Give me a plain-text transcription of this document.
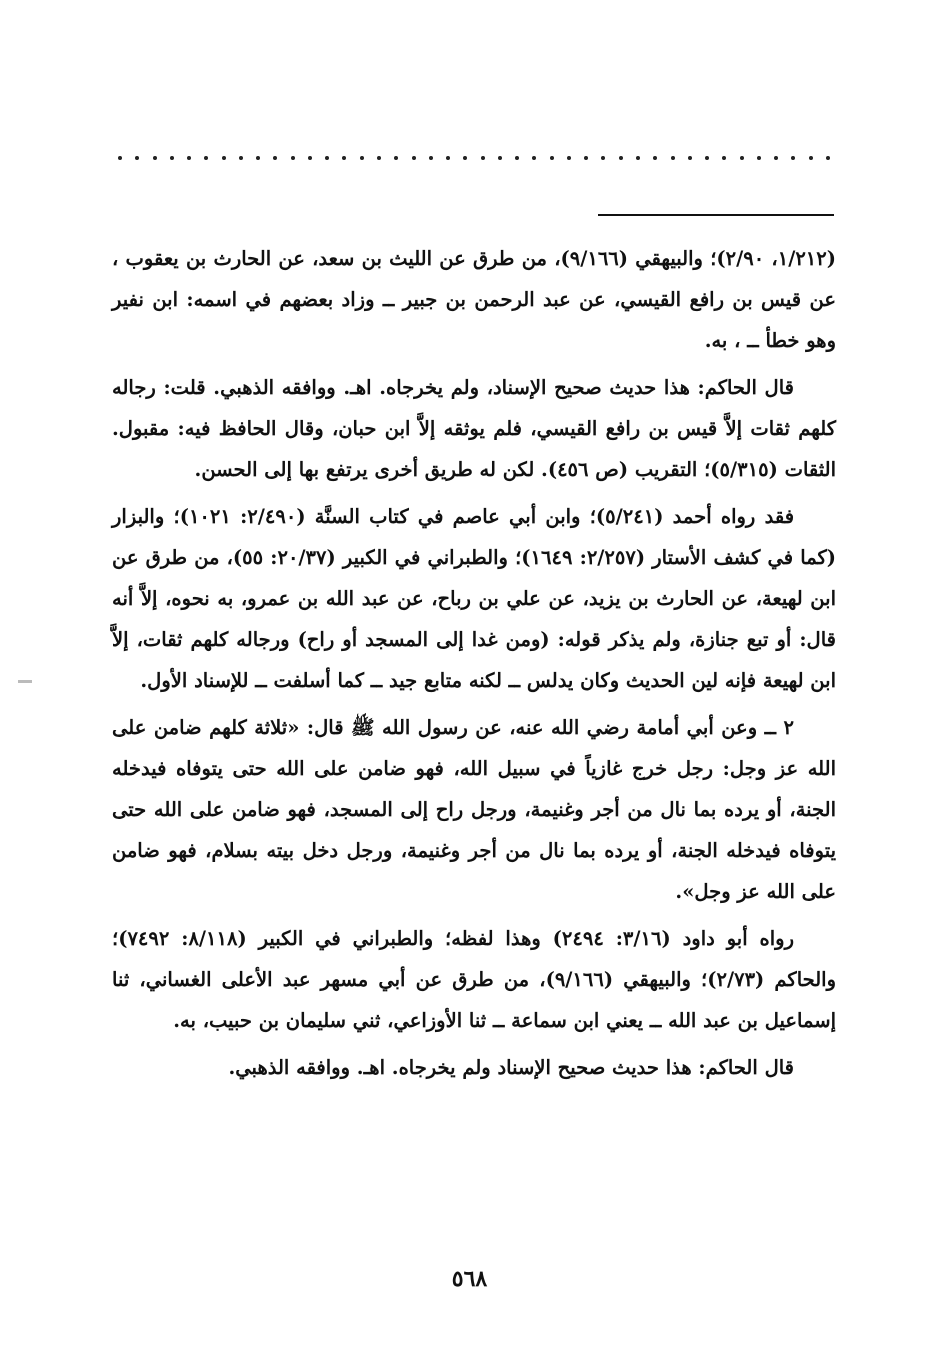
(١/٢١٢، ٢/٩٠)؛ والبيهقي (٩/١٦٦)، من طرق عن الليث بن سعد، عن الحارث بن يعقوب ، عن قيس بن رافع القيسي، عن عبد الرحمن بن جبير ــ وزاد بعضهم في اسمه: ابن نفير وهو خطأ ــ ، به.

قال الحاكم: هذا حديث صحيح الإسناد، ولم يخرجاه. اهـ. ووافقه الذهبي. قلت: رجاله كلهم ثقات إلاَّ قيس بن رافع القيسي، فلم يوثقه إلاَّ ابن حبان، وقال الحافظ فيه: مقبول. الثقات (٥/٣١٥)؛ التقريب (ص ٤٥٦). لكن له طريق أخرى يرتفع بها إلى الحسن.

فقد رواه أحمد (٥/٢٤١)؛ وابن أبي عاصم في كتاب السنَّة (٢/٤٩٠: ١٠٢١)؛ والبزار (كما في كشف الأستار (٢/٢٥٧: ١٦٤٩)؛ والطبراني في الكبير (٢٠/٣٧: ٥٥)، من طرق عن ابن لهيعة، عن الحارث بن يزيد، عن علي بن رباح، عن عبد الله بن عمرو، به نحوه، إلاَّ أنه قال: أو تبع جنازة، ولم يذكر قوله: (ومن غدا إلى المسجد أو راح) ورجاله كلهم ثقات، إلاَّ ابن لهيعة فإنه لين الحديث وكان يدلس ــ لكنه متابع جيد ــ كما أسلفت ــ للإسناد الأول.

٢ ــ وعن أبي أمامة رضي الله عنه، عن رسول الله ﷺ قال: «ثلاثة كلهم ضامن على الله عز وجل: رجل خرج غازياً في سبيل الله، فهو ضامن على الله حتى يتوفاه فيدخله الجنة، أو يرده بما نال من أجر وغنيمة، ورجل راح إلى المسجد، فهو ضامن على الله حتى يتوفاه فيدخله الجنة، أو يرده بما نال من أجر وغنيمة، ورجل دخل بيته بسلام، فهو ضامن على الله عز وجل».

رواه أبو داود (٣/١٦: ٢٤٩٤) وهذا لفظه؛ والطبراني في الكبير (٨/١١٨: ٧٤٩٢)؛ والحاكم (٢/٧٣)؛ والبيهقي (٩/١٦٦)، من طرق عن أبي مسهر عبد الأعلى الغساني، ثنا إسماعيل بن عبد الله ــ يعني ابن سماعة ــ ثنا الأوزاعي، ثني سليمان بن حبيب، به.

قال الحاكم: هذا حديث صحيح الإسناد ولم يخرجاه. اهـ. ووافقه الذهبي.

٥٦٨
